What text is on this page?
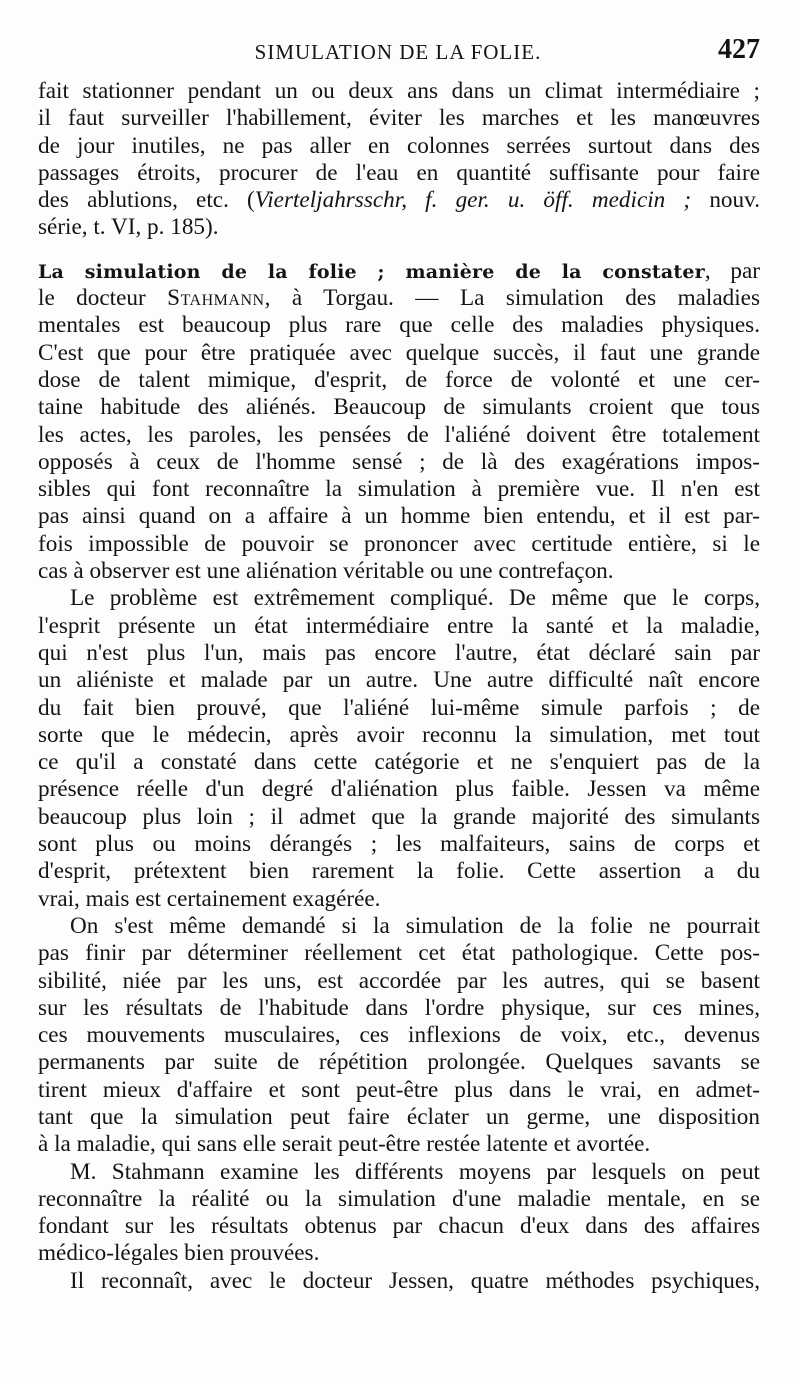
SIMULATION DE LA FOLIE.	427
fait stationner pendant un ou deux ans dans un climat intermédiaire ;
il faut surveiller l'habillement, éviter les marches et les manœuvres
de jour inutiles, ne pas aller en colonnes serrées surtout dans des
passages étroits, procurer de l'eau en quantité suffisante pour faire
des ablutions, etc. (Vierteljahrsschr, f. ger. u. öff. medicin ; nouv.
série, t. VI, p. 185).
La simulation de la folie ; manière de la constater, par
le docteur Stahmann, à Torgau. — La simulation des maladies
mentales est beaucoup plus rare que celle des maladies physiques.
C'est que pour être pratiquée avec quelque succès, il faut une grande
dose de talent mimique, d'esprit, de force de volonté et une cer-
taine habitude des aliénés. Beaucoup de simulants croient que tous
les actes, les paroles, les pensées de l'aliéné doivent être totalement
opposés à ceux de l'homme sensé ; de là des exagérations impos-
sibles qui font reconnaître la simulation à première vue. Il n'en est
pas ainsi quand on a affaire à un homme bien entendu, et il est par-
fois impossible de pouvoir se prononcer avec certitude entière, si le
cas à observer est une aliénation véritable ou une contrefaçon.
Le problème est extrêmement compliqué. De même que le corps,
l'esprit présente un état intermédiaire entre la santé et la maladie,
qui n'est plus l'un, mais pas encore l'autre, état déclaré sain par
un aliéniste et malade par un autre. Une autre difficulté naît encore
du fait bien prouvé, que l'aliéné lui-même simule parfois ; de
sorte que le médecin, après avoir reconnu la simulation, met tout
ce qu'il a constaté dans cette catégorie et ne s'enquiert pas de la
présence réelle d'un degré d'aliénation plus faible. Jessen va même
beaucoup plus loin ; il admet que la grande majorité des simulants
sont plus ou moins dérangés ; les malfaiteurs, sains de corps et
d'esprit, prétextent bien rarement la folie. Cette assertion a du
vrai, mais est certainement exagérée.
On s'est même demandé si la simulation de la folie ne pourrait
pas finir par déterminer réellement cet état pathologique. Cette pos-
sibilité, niée par les uns, est accordée par les autres, qui se basent
sur les résultats de l'habitude dans l'ordre physique, sur ces mines,
ces mouvements musculaires, ces inflexions de voix, etc., devenus
permanents par suite de répétition prolongée. Quelques savants se
tirent mieux d'affaire et sont peut-être plus dans le vrai, en admet-
tant que la simulation peut faire éclater un germe, une disposition
à la maladie, qui sans elle serait peut-être restée latente et avortée.
M. Stahmann examine les différents moyens par lesquels on peut
reconnaître la réalité ou la simulation d'une maladie mentale, en se
fondant sur les résultats obtenus par chacun d'eux dans des affaires
médico-légales bien prouvées.
Il reconnaît, avec le docteur Jessen, quatre méthodes psychiques,
